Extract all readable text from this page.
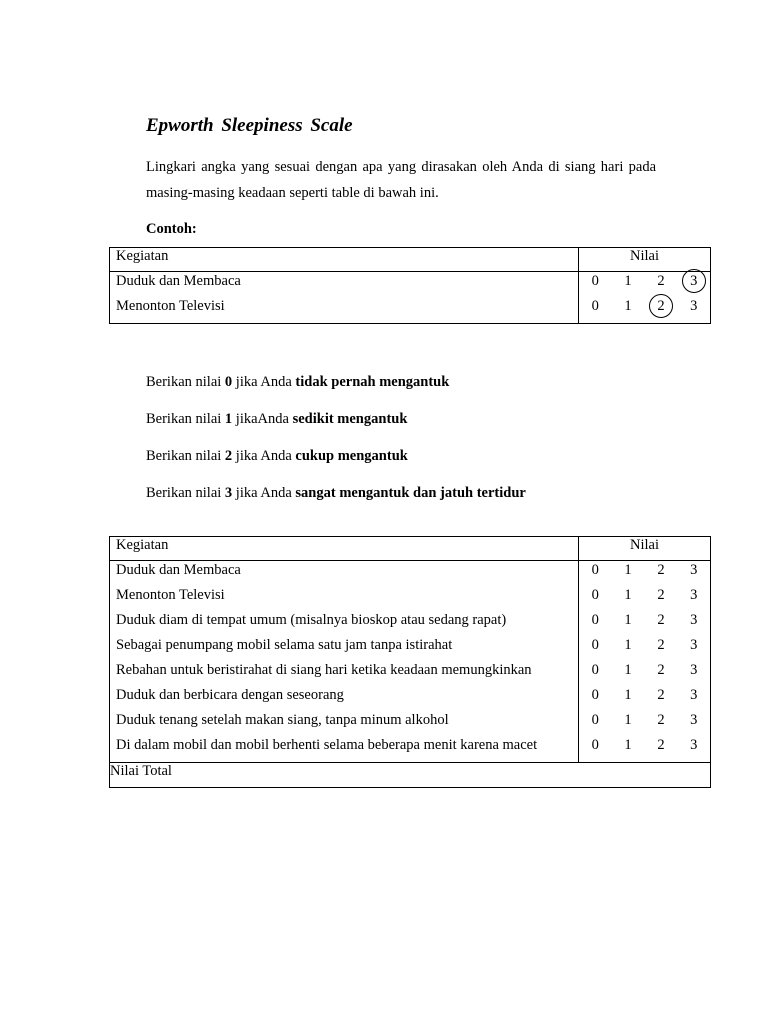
Epworth Sleepiness Scale
Lingkari angka yang sesuai dengan apa yang dirasakan oleh Anda di siang hari pada masing-masing keadaan seperti table di bawah ini.
Contoh:
Kegiatan	Nilai			
Duduk dan Membaca	0	1	2	3
Menonton Televisi	0	1	2	3
Berikan nilai 0 jika Anda tidak pernah mengantuk
Berikan nilai 1 jikaAnda sedikit mengantuk
Berikan nilai 2 jika Anda cukup mengantuk
Berikan nilai 3 jika Anda sangat mengantuk dan jatuh tertidur
Kegiatan	Nilai			
Duduk dan Membaca	0	1	2	3
Menonton Televisi	0	1	2	3
Duduk diam di tempat umum (misalnya bioskop atau sedang rapat)	0	1	2	3
Sebagai penumpang mobil selama satu jam tanpa istirahat	0	1	2	3
Rebahan untuk beristirahat di siang hari ketika keadaan memungkinkan	0	1	2	3
Duduk dan berbicara dengan seseorang	0	1	2	3
Duduk tenang setelah makan siang, tanpa minum alkohol	0	1	2	3
Di dalam mobil dan mobil berhenti selama beberapa menit karena macet	0	1	2	3
Nilai Total				
